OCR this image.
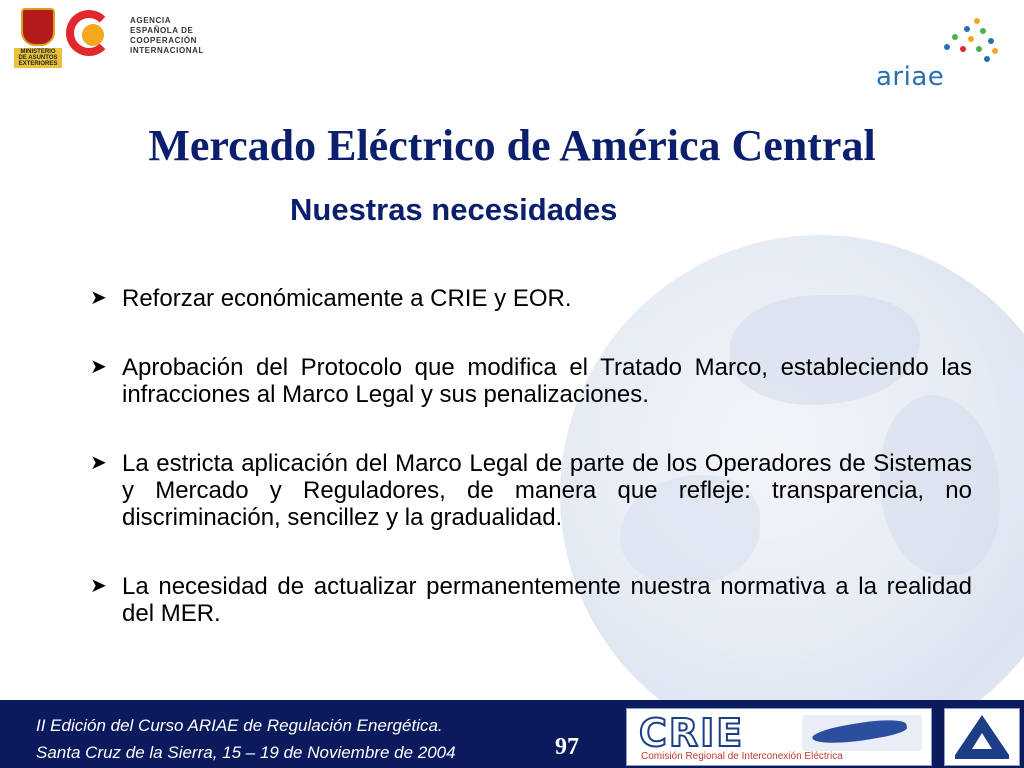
MINISTERIO
DE ASUNTOS
EXTERIORES
AGENCIA
ESPAÑOLA DE
COOPERACIÓN
INTERNACIONAL
ariae
Mercado Eléctrico de América Central
Nuestras necesidades
➤ Reforzar económicamente a CRIE y EOR.
➤ Aprobación del Protocolo que modifica el Tratado Marco, estableciendo las infracciones al Marco Legal y sus penalizaciones.
➤ La estricta aplicación del Marco Legal de parte de los Operadores de Sistemas y Mercado y Reguladores, de manera que refleje: transparencia, no discriminación, sencillez y la gradualidad.
➤ La necesidad de actualizar permanentemente nuestra normativa a la realidad del MER.
II Edición del Curso ARIAE de Regulación Energética.
Santa Cruz de la Sierra, 15 – 19 de Noviembre de 2004	97 CRIE
Comisión Regional de Interconexión Eléctrica
